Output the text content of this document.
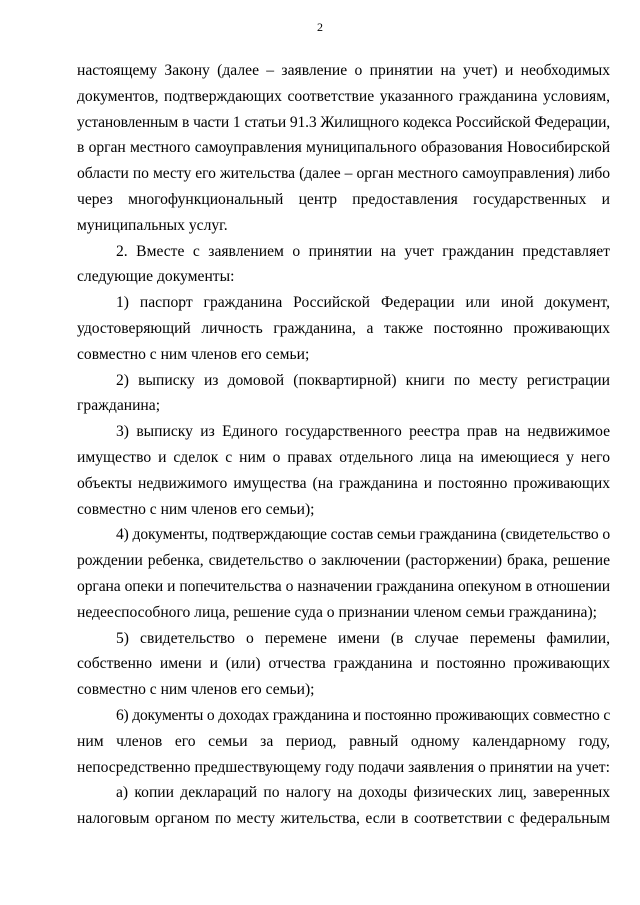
2
настоящему Закону (далее – заявление о принятии на учет) и необходимых
документов, подтверждающих соответствие указанного гражданина условиям,
установленным в части 1 статьи 91.3 Жилищного кодекса Российской Федерации,
в орган местного самоуправления муниципального образования Новосибирской
области по месту его жительства (далее – орган местного самоуправления) либо
через многофункциональный центр предоставления государственных и
муниципальных услуг.
2. Вместе с заявлением о принятии на учет гражданин представляет
следующие документы:
1) паспорт гражданина Российской Федерации или иной документ,
удостоверяющий личность гражданина, а также постоянно проживающих
совместно с ним членов его семьи;
2) выписку из домовой (поквартирной) книги по месту регистрации
гражданина;
3) выписку из Единого государственного реестра прав на недвижимое
имущество и сделок с ним о правах отдельного лица на имеющиеся у него
объекты недвижимого имущества (на гражданина и постоянно проживающих
совместно с ним членов его семьи);
4) документы, подтверждающие состав семьи гражданина (свидетельство о
рождении ребенка, свидетельство о заключении (расторжении) брака, решение
органа опеки и попечительства о назначении гражданина опекуном в отношении
недееспособного лица, решение суда о признании членом семьи гражданина);
5) свидетельство о перемене имени (в случае перемены фамилии,
собственно имени и (или) отчества гражданина и постоянно проживающих
совместно с ним членов его семьи);
6) документы о доходах гражданина и постоянно проживающих совместно с
ним членов его семьи за период, равный одному календарному году,
непосредственно предшествующему году подачи заявления о принятии на учет:
а) копии деклараций по налогу на доходы физических лиц, заверенных
налоговым органом по месту жительства, если в соответствии с федеральным
